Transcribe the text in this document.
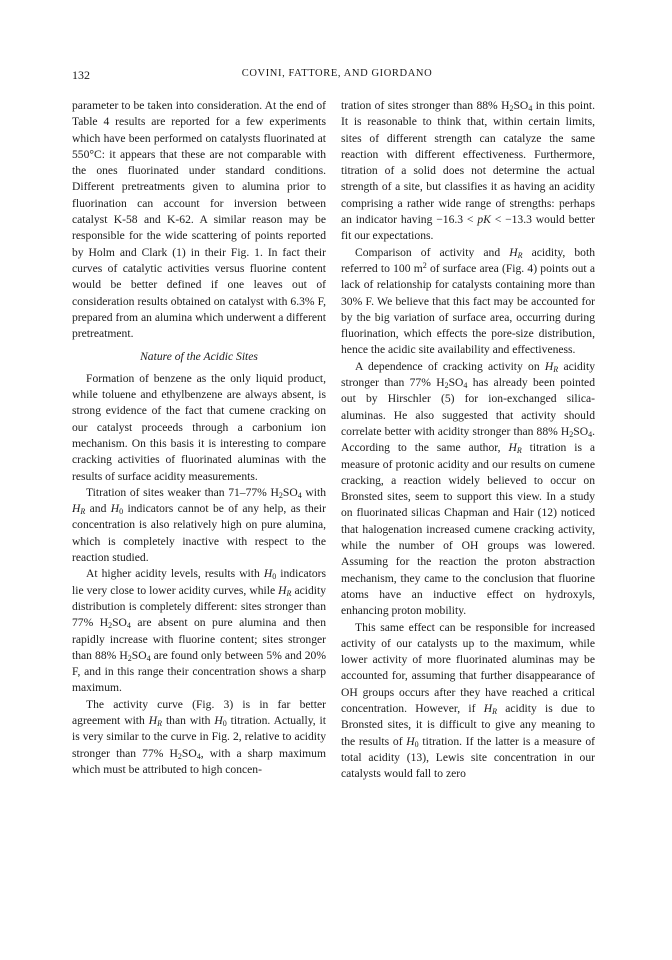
132	COVINI, FATTORE, AND GIORDANO

parameter to be taken into consideration. At the end of Table 4 results are reported for a few experiments which have been performed on catalysts fluorinated at 550°C: it appears that these are not comparable with the ones fluorinated under standard conditions. Different pretreatments given to alumina prior to fluorination can account for inversion between catalyst K-58 and K-62. A similar reason may be responsible for the wide scattering of points reported by Holm and Clark (1) in their Fig. 1. In fact their curves of catalytic activities versus fluorine content would be better defined if one leaves out of consideration results obtained on catalyst with 6.3% F, prepared from an alumina which underwent a different pretreatment.

Nature of the Acidic Sites

Formation of benzene as the only liquid product, while toluene and ethylbenzene are always absent, is strong evidence of the fact that cumene cracking on our catalyst proceeds through a carbonium ion mechanism. On this basis it is interesting to compare cracking activities of fluorinated aluminas with the results of surface acidity measurements.

Titration of sites weaker than 71–77% $H_2SO_4$ with $H_R$ and $H_0$ indicators cannot be of any help, as their concentration is also relatively high on pure alumina, which is completely inactive with respect to the reaction studied.

At higher acidity levels, results with $H_0$ indicators lie very close to lower acidity curves, while $H_R$ acidity distribution is completely different: sites stronger than 77% $H_2SO_4$ are absent on pure alumina and then rapidly increase with fluorine content; sites stronger than 88% $H_2SO_4$ are found only between 5% and 20% F, and in this range their concentration shows a sharp maximum.

The activity curve (Fig. 3) is in far better agreement with $H_R$ than with $H_0$ titration. Actually, it is very similar to the curve in Fig. 2, relative to acidity stronger than 77% $H_2SO_4$, with a sharp maximum which must be attributed to high concen-

tration of sites stronger than 88% $H_2SO_4$ in this point. It is reasonable to think that, within certain limits, sites of different strength can catalyze the same reaction with different effectiveness. Furthermore, titration of a solid does not determine the actual strength of a site, but classifies it as having an acidity comprising a rather wide range of strengths: perhaps an indicator having −16.3 < pK < −13.3 would better fit our expectations.

Comparison of activity and $H_R$ acidity, both referred to 100 $m^2$ of surface area (Fig. 4) points out a lack of relationship for catalysts containing more than 30% F. We believe that this fact may be accounted for by the big variation of surface area, occurring during fluorination, which effects the pore-size distribution, hence the acidic site availability and effectiveness.

A dependence of cracking activity on $H_R$ acidity stronger than 77% $H_2SO_4$ has already been pointed out by Hirschler (5) for ion-exchanged silica-aluminas. He also suggested that activity should correlate better with acidity stronger than 88% $H_2SO_4$. According to the same author, $H_R$ titration is a measure of protonic acidity and our results on cumene cracking, a reaction widely believed to occur on Bronsted sites, seem to support this view. In a study on fluorinated silicas Chapman and Hair (12) noticed that halogenation increased cumene cracking activity, while the number of OH groups was lowered. Assuming for the reaction the proton abstraction mechanism, they came to the conclusion that fluorine atoms have an inductive effect on hydroxyls, enhancing proton mobility.

This same effect can be responsible for increased activity of our catalysts up to the maximum, while lower activity of more fluorinated aluminas may be accounted for, assuming that further disappearance of OH groups occurs after they have reached a critical concentration. However, if $H_R$ acidity is due to Bronsted sites, it is difficult to give any meaning to the results of $H_0$ titration. If the latter is a measure of total acidity (13), Lewis site concentration in our catalysts would fall to zero
